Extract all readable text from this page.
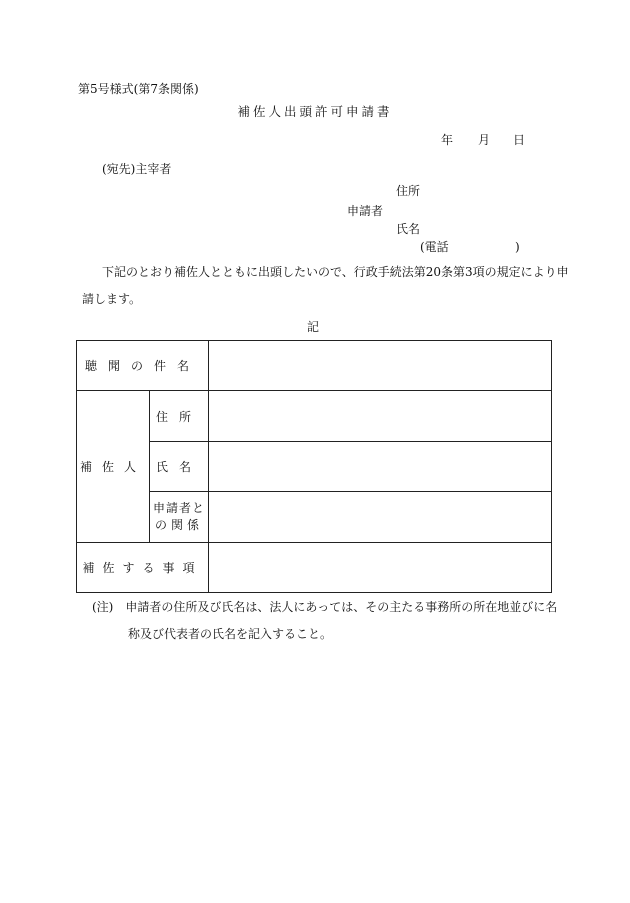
第5号様式(第7条関係)
補佐人出頭許可申請書
年 月 日
(宛先)主宰者
住所
申請者
氏名
(電話	)
下記のとおり補佐人とともに出頭したいので、行政手続法第20条第3項の規定により申
請します。
記
聴聞の件名		
補佐人	住所	
	氏名	

	申請者と
の関係	

補佐する事項		
(注)　申請者の住所及び氏名は、法人にあっては、その主たる事務所の所在地並びに名
称及び代表者の氏名を記入すること。
